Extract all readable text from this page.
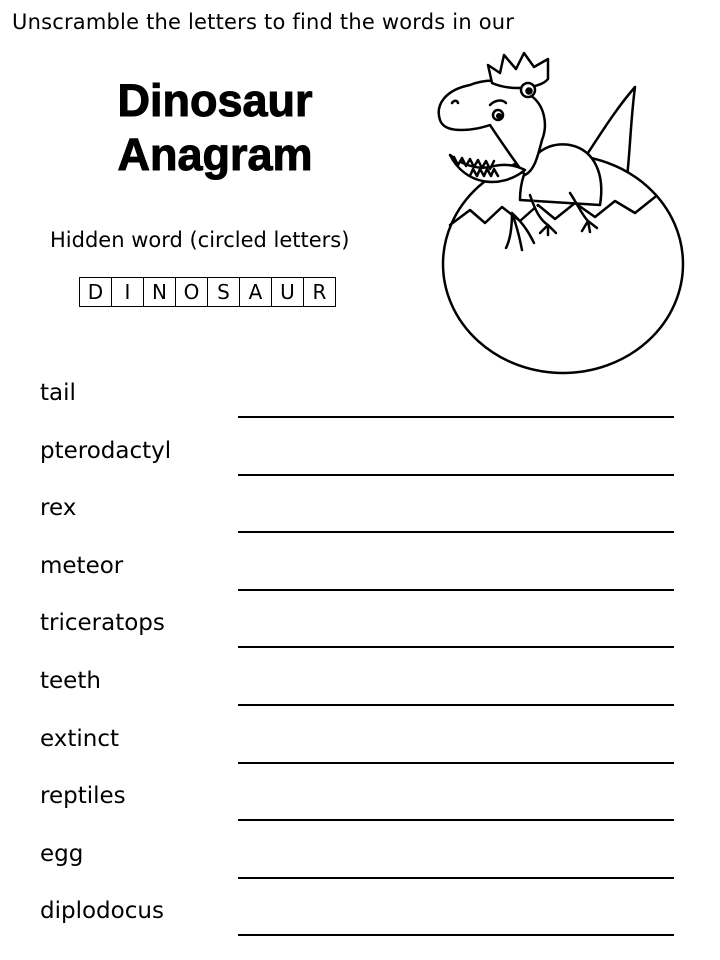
Unscramble the letters to find the words in our
Dinosaur
Anagram
Hidden word (circled letters)
D	I	N O S A U R
tail
pterodactyl
rex
meteor
triceratops
teeth
extinct
reptiles
egg
diplodocus
